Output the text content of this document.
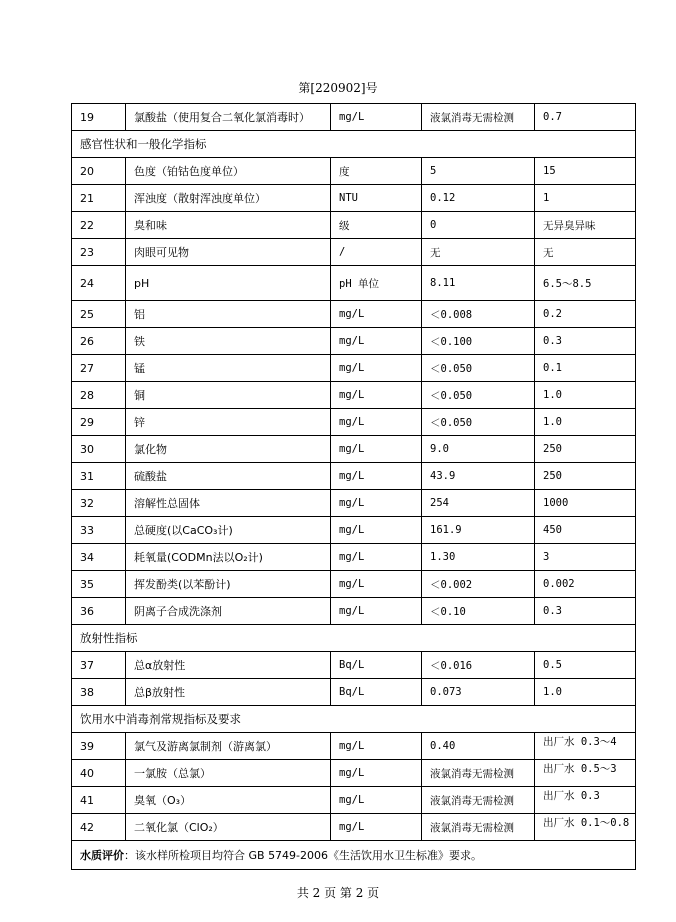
第[220902]号
19	氯酸盐（使用复合二氧化氯消毒时）	mg/L	液氯消毒无需检测	0.7
感官性状和一般化学指标				
20	色度（铂钴色度单位）	度	5	15
21	浑浊度（散射浑浊度单位）	NTU	0.12	1
22	臭和味	级	0	无异臭异味
23	肉眼可见物	/	无	无
24	pH	pH 单位	8.11	6.5～8.5
25	铝	mg/L	＜0.008	0.2
26	铁	mg/L	＜0.100	0.3
27	锰	mg/L	＜0.050	0.1
28	铜	mg/L	＜0.050	1.0
29	锌	mg/L	＜0.050	1.0
30	氯化物	mg/L	9.0	250
31	硫酸盐	mg/L	43.9	250
32	溶解性总固体	mg/L	254	1000
33	总硬度(以CaCO₃计)	mg/L	161.9	450
34	耗氧量(CODMn法以O₂计)	mg/L	1.30	3
35	挥发酚类(以苯酚计)	mg/L	＜0.002	0.002
36	阴离子合成洗涤剂	mg/L	＜0.10	0.3
放射性指标				
37	总α放射性	Bq/L	＜0.016	0.5
38	总β放射性	Bq/L	0.073	1.0
饮用水中消毒剂常规指标及要求				
39	氯气及游离氯制剂（游离氯）	mg/L	0.40	出厂水 0.3～4

40	一氯胺（总氯）	mg/L	液氯消毒无需检测	出厂水 0.5～3

41	臭氧（O₃）	mg/L	液氯消毒无需检测	出厂水 0.3

42	二氧化氯（ClO₂）	mg/L	液氯消毒无需检测	出厂水 0.1～0.8

水质评价：该水样所检项目均符合 GB 5749-2006《生活饮用水卫生标准》要求。				
共 2 页 第 2 页
